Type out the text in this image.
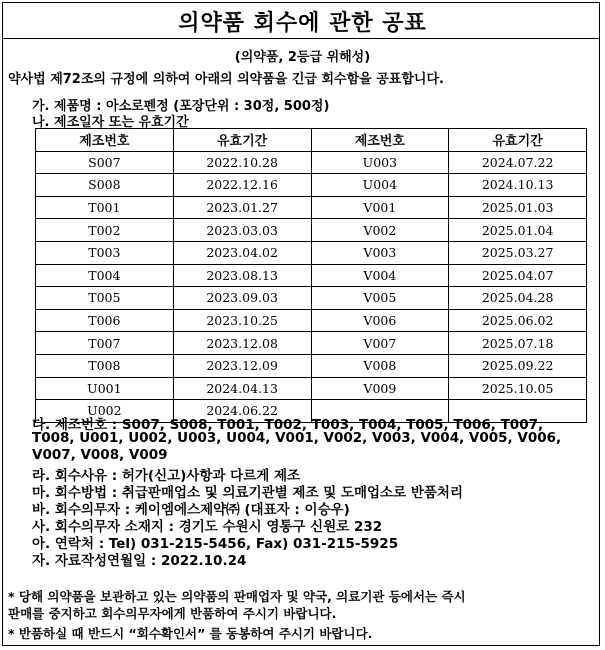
의약품 회수에 관한 공표
(의약품, 2등급 위해성)
약사법 제72조의 규정에 의하여 아래의 의약품을 긴급 회수함을 공표합니다.
가. 제품명 : 아소로펜정 (포장단위 : 30정, 500정)
나. 제조일자 또는 유효기간
제조번호	유효기간	제조번호	유효기간
S007	2022.10.28	U003	2024.07.22
S008	2022.12.16	U004	2024.10.13
T001	2023.01.27	V001	2025.01.03
T002	2023.03.03	V002	2025.01.04
T003	2023.04.02	V003	2025.03.27
T004	2023.08.13	V004	2025.04.07
T005	2023.09.03	V005	2025.04.28
T006	2023.10.25	V006	2025.06.02
T007	2023.12.08	V007	2025.07.18
T008	2023.12.09	V008	2025.09.22
U001	2024.04.13	V009	2025.10.05
U002	2024.06.22		
다. 제조번호 : S007, S008, T001, T002, T003, T004, T005, T006, T007,
T008, U001, U002, U003, U004, V001, V002, V003, V004, V005, V006,
V007, V008, V009
라. 회수사유 : 허가(신고)사항과 다르게 제조
마. 회수방법 : 취급판매업소 및 의료기관별 제조 및 도매업소로 반품처리
바. 회수의무자 : 케이엠에스제약㈜ (대표자 : 이승우)
사. 회수의무자 소재지 : 경기도 수원시 영통구 신원로 232
아. 연락처 : Tel) 031-215-5456, Fax) 031-215-5925
자. 자료작성연월일 : 2022.10.24
* 당해 의약품을 보관하고 있는 의약품의 판매업자 및 약국, 의료기관 등에서는 즉시
판매를 중지하고 회수의무자에게 반품하여 주시기 바랍니다.
* 반품하실 때 반드시 “회수확인서” 를 동봉하여 주시기 바랍니다.
